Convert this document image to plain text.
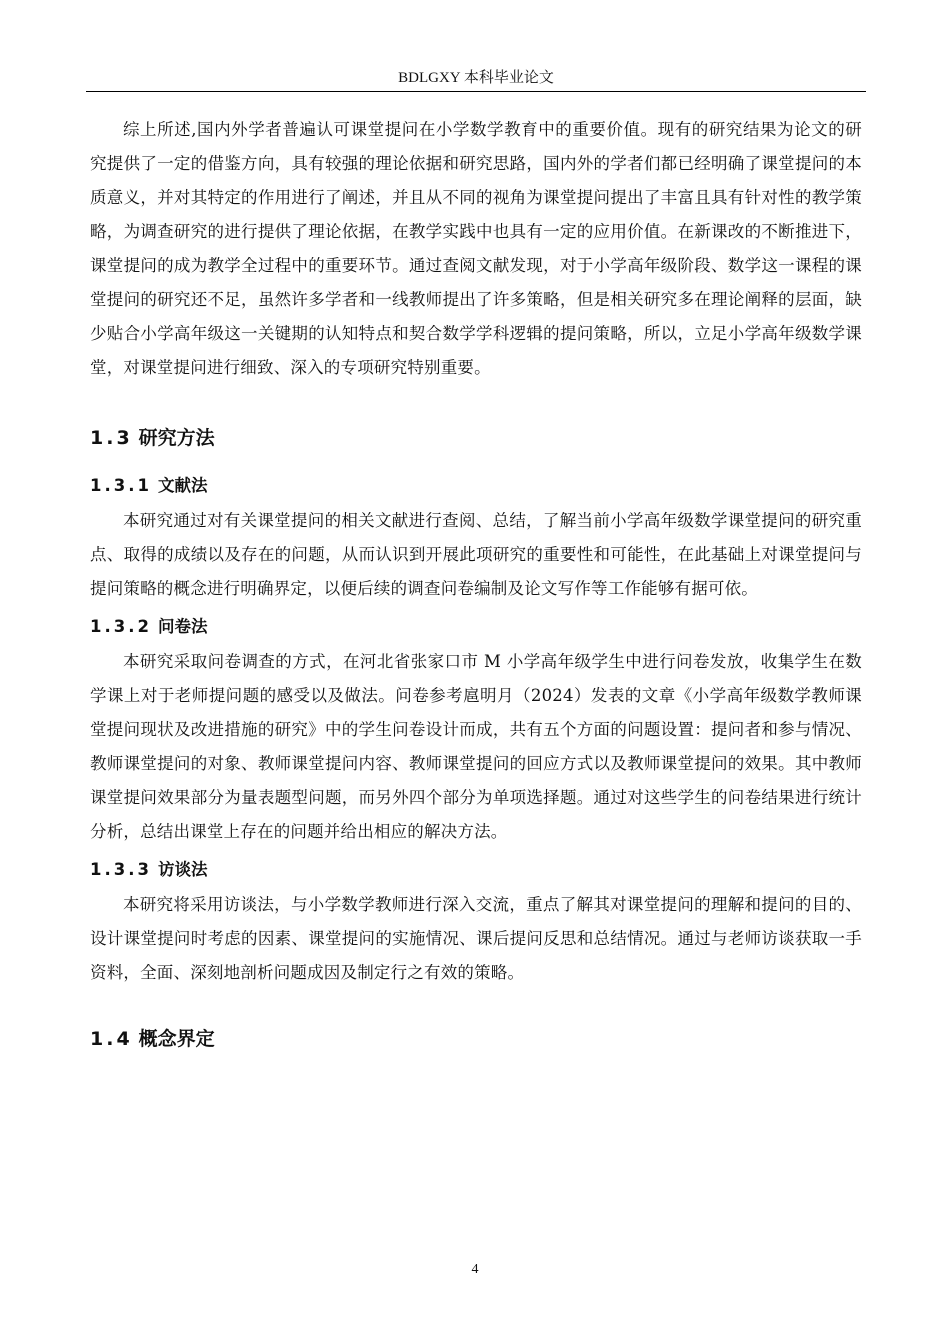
BDLGXY 本科毕业论文

综上所述,国内外学者普遍认可课堂提问在小学数学教育中的重要价值。现有的研究结果为论文的研究提供了一定的借鉴方向，具有较强的理论依据和研究思路，国内外的学者们都已经明确了课堂提问的本质意义，并对其特定的作用进行了阐述，并且从不同的视角为课堂提问提出了丰富且具有针对性的教学策略，为调查研究的进行提供了理论依据，在教学实践中也具有一定的应用价值。在新课改的不断推进下，课堂提问的成为教学全过程中的重要环节。通过查阅文献发现，对于小学高年级阶段、数学这一课程的课堂提问的研究还不足，虽然许多学者和一线教师提出了许多策略，但是相关研究多在理论阐释的层面，缺少贴合小学高年级这一关键期的认知特点和契合数学学科逻辑的提问策略，所以，立足小学高年级数学课堂，对课堂提问进行细致、深入的专项研究特别重要。

1.3 研究方法
1.3.1 文献法

本研究通过对有关课堂提问的相关文献进行查阅、总结，了解当前小学高年级数学课堂提问的研究重点、取得的成绩以及存在的问题，从而认识到开展此项研究的重要性和可能性，在此基础上对课堂提问与提问策略的概念进行明确界定，以便后续的调查问卷编制及论文写作等工作能够有据可依。

1.3.2 问卷法

本研究采取问卷调查的方式，在河北省张家口市 M 小学高年级学生中进行问卷发放，收集学生在数学课上对于老师提问题的感受以及做法。问卷参考扈明月（2024）发表的文章《小学高年级数学教师课堂提问现状及改进措施的研究》中的学生问卷设计而成，共有五个方面的问题设置：提问者和参与情况、教师课堂提问的对象、教师课堂提问内容、教师课堂提问的回应方式以及教师课堂提问的效果。其中教师课堂提问效果部分为量表题型问题，而另外四个部分为单项选择题。通过对这些学生的问卷结果进行统计分析，总结出课堂上存在的问题并给出相应的解决方法。

1.3.3 访谈法

本研究将采用访谈法，与小学数学教师进行深入交流，重点了解其对课堂提问的理解和提问的目的、设计课堂提问时考虑的因素、课堂提问的实施情况、课后提问反思和总结情况。通过与老师访谈获取一手资料，全面、深刻地剖析问题成因及制定行之有效的策略。

1.4 概念界定
4
